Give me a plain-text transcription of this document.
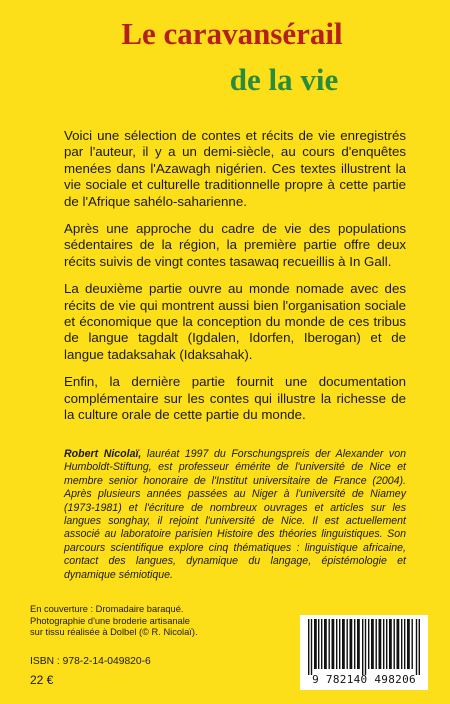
Le caravansérail
de la vie

Voici une sélection de contes et récits de vie enregistrés par l'auteur, il y a un demi-siècle, au cours d'enquêtes menées dans l'Azawagh nigérien. Ces textes illustrent la vie sociale et culturelle traditionnelle propre à cette partie de l'Afrique sahélo-saharienne.

Après une approche du cadre de vie des populations sédentaires de la région, la première partie offre deux récits suivis de vingt contes tasawaq recueillis à In Gall.

La deuxième partie ouvre au monde nomade avec des récits de vie qui montrent aussi bien l'organisation sociale et économique que la conception du monde de ces tribus de langue tagdalt (Igdalen, Idorfen, Iberogan) et de langue tadaksahak (Idaksahak).

Enfin, la dernière partie fournit une documentation complémentaire sur les contes qui illustre la richesse de la culture orale de cette partie du monde.

Robert Nicolaï, lauréat 1997 du Forschungspreis der Alexander von Humboldt-Stiftung, est professeur émérite de l'université de Nice et membre senior honoraire de l'Institut universitaire de France (2004). Après plusieurs années passées au Niger à l'université de Niamey (1973-1981) et l'écriture de nombreux ouvrages et articles sur les langues songhay, il rejoint l'université de Nice. Il est actuellement associé au laboratoire parisien Histoire des théories linguistiques. Son parcours scientifique explore cinq thématiques : linguistique africaine, contact des langues, dynamique du langage, épistémologie et dynamique sémiotique.

En couverture : Dromadaire baraqué. Photographie d'une broderie artisanale sur tissu réalisée à Dolbel (© R. Nicolaï).

ISBN : 978-2-14-049820-6

22 €	9 782140 498206
